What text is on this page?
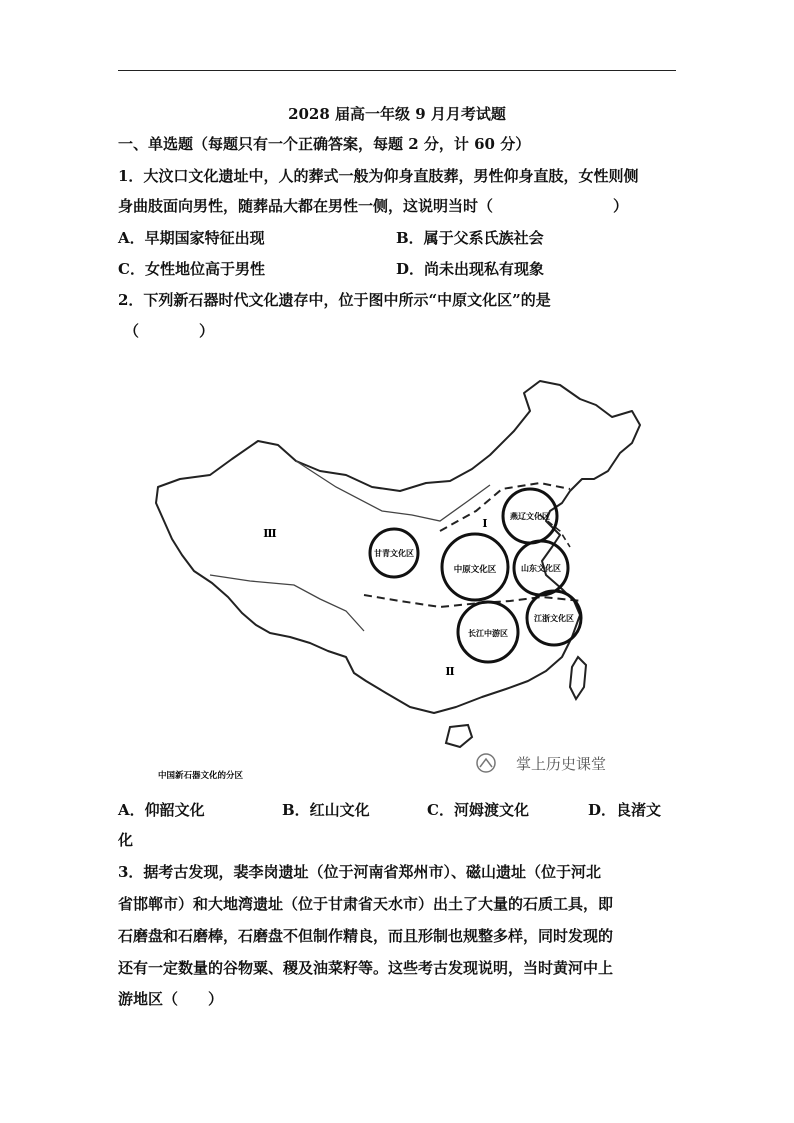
2028 届高一年级 9 月月考试题
一、单选题（每题只有一个正确答案，每题 2 分，计 60 分）
1．大汶口文化遗址中，人的葬式一般为仰身直肢葬，男性仰身直肢，女性则侧
身曲肢面向男性，随葬品大都在男性一侧，这说明当时（　　　　　　　　）
A．早期国家特征出现	B．属于父系氏族社会
C．女性地位高于男性	D．尚未出现私有现象
2．下列新石器时代文化遗存中，位于图中所示“中原文化区”的是
（　　　　）
燕辽文化区
甘青文化区
中原文化区	山东文化区
长江中游区
江浙文化区
Ⅲ
Ⅰ
Ⅱ
中国新石器文化的分区
掌上历史课堂
A．仰韶文化	B．红山文化	C．河姆渡文化	D．良渚文
化
3．据考古发现，裴李岗遗址（位于河南省郑州市）、磁山遗址（位于河北
省邯郸市）和大地湾遗址（位于甘肃省天水市）出土了大量的石质工具，即
石磨盘和石磨棒，石磨盘不但制作精良，而且形制也规整多样，同时发现的
还有一定数量的谷物粟、稷及油菜籽等。这些考古发现说明，当时黄河中上
游地区（　　）
